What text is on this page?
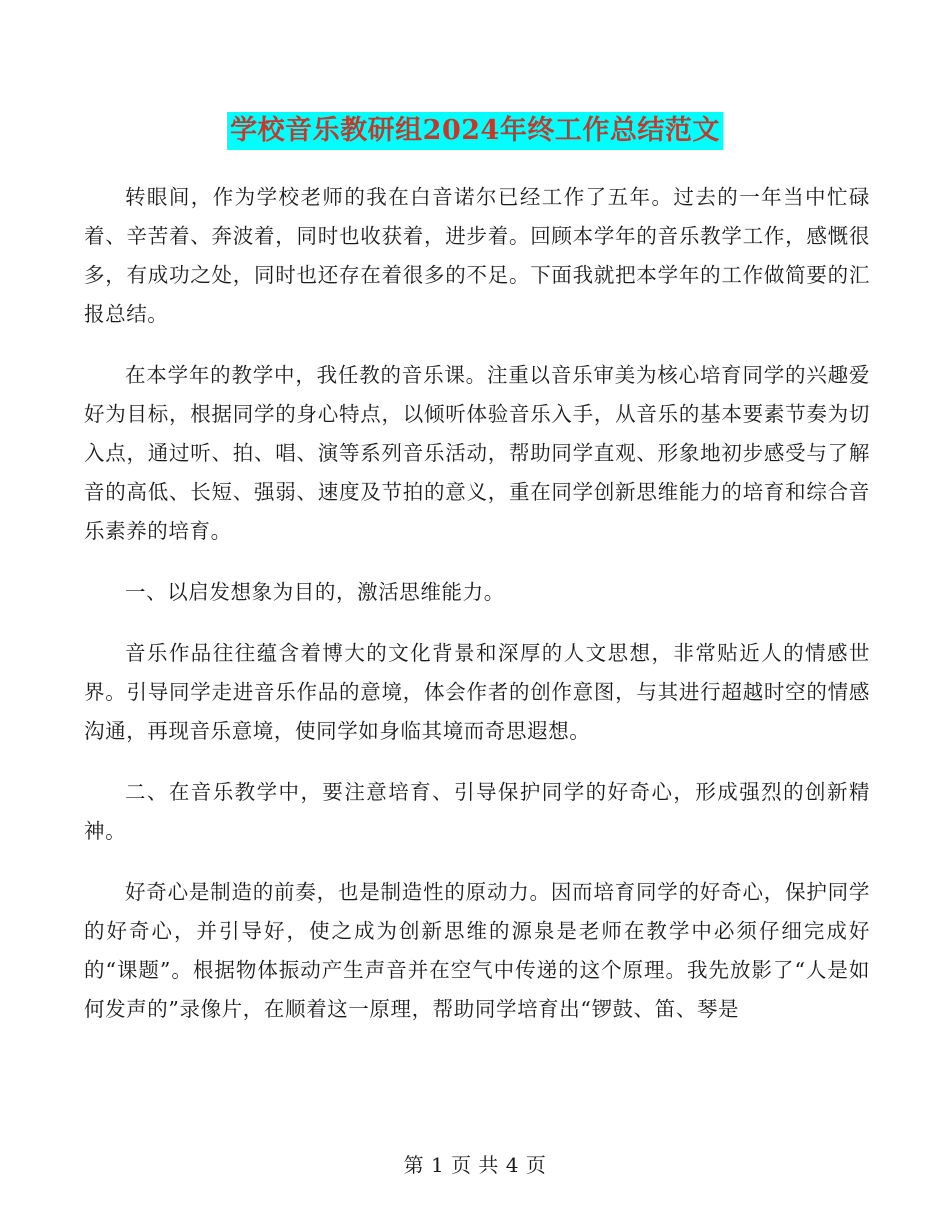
学校音乐教研组2024年终工作总结范文

转眼间，作为学校老师的我在白音诺尔已经工作了五年。过去的一年当中忙碌着、辛苦着、奔波着，同时也收获着，进步着。回顾本学年的音乐教学工作，感慨很多，有成功之处，同时也还存在着很多的不足。下面我就把本学年的工作做简要的汇报总结。

在本学年的教学中，我任教的音乐课。注重以音乐审美为核心培育同学的兴趣爱好为目标，根据同学的身心特点，以倾听体验音乐入手，从音乐的基本要素节奏为切入点，通过听、拍、唱、演等系列音乐活动，帮助同学直观、形象地初步感受与了解音的高低、长短、强弱、速度及节拍的意义，重在同学创新思维能力的培育和综合音乐素养的培育。

一、以启发想象为目的，激活思维能力。

音乐作品往往蕴含着博大的文化背景和深厚的人文思想，非常贴近人的情感世界。引导同学走进音乐作品的意境，体会作者的创作意图，与其进行超越时空的情感沟通，再现音乐意境，使同学如身临其境而奇思遐想。

二、在音乐教学中，要注意培育、引导保护同学的好奇心，形成强烈的创新精神。

好奇心是制造的前奏，也是制造性的原动力。因而培育同学的好奇心，保护同学的好奇心，并引导好，使之成为创新思维的源泉是老师在教学中必须仔细完成好的“课题”。根据物体振动产生声音并在空气中传递的这个原理。我先放影了“人是如何发声的”录像片，在顺着这一原理，帮助同学培育出“锣鼓、笛、琴是

第 1 页 共 4 页
